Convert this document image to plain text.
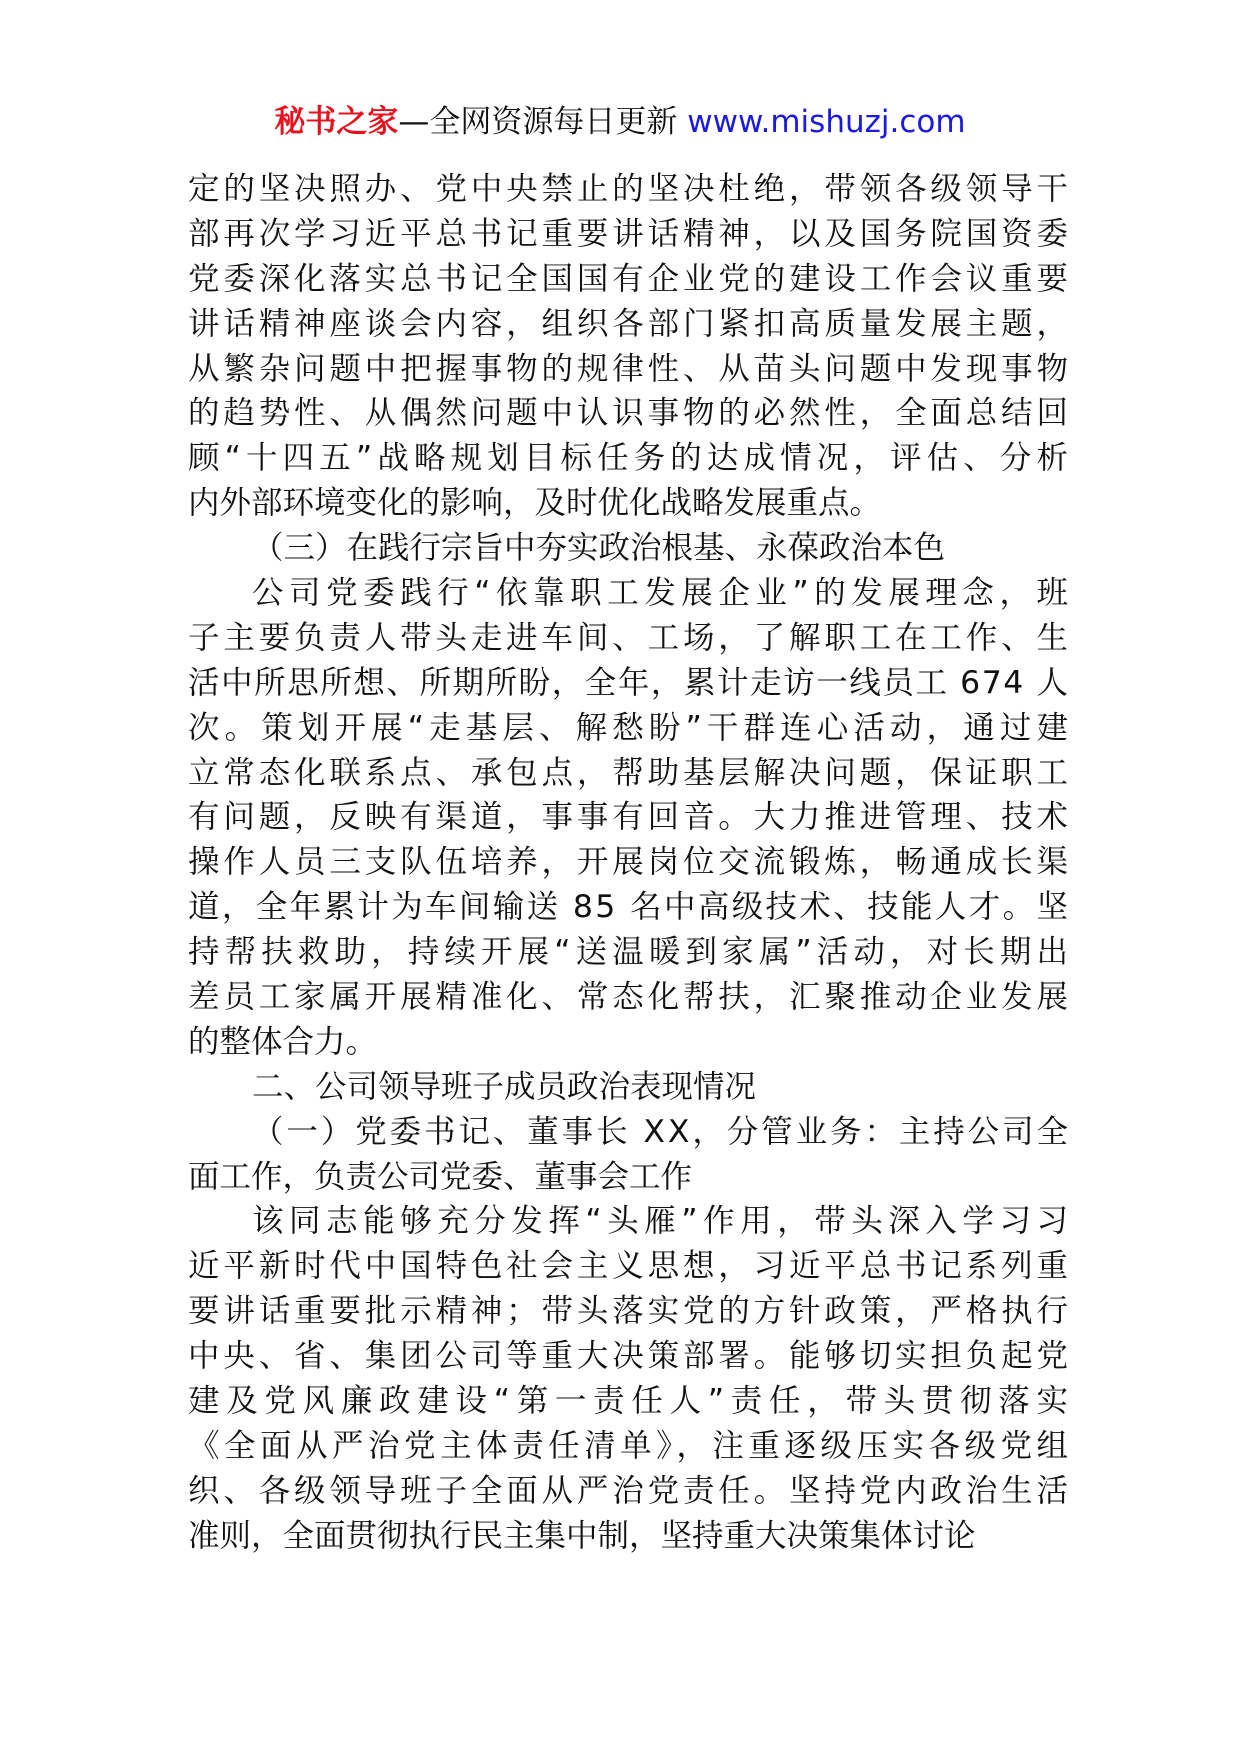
秘书之家—全网资源每日更新 www.mishuzj.com
定的坚决照办、党中央禁止的坚决杜绝，带领各级领导干
部再次学习近平总书记重要讲话精神，以及国务院国资委
党委深化落实总书记全国国有企业党的建设工作会议重要
讲话精神座谈会内容，组织各部门紧扣高质量发展主题，
从繁杂问题中把握事物的规律性、从苗头问题中发现事物
的趋势性、从偶然问题中认识事物的必然性，全面总结回
顾“十四五”战略规划目标任务的达成情况，评估、分析
内外部环境变化的影响，及时优化战略发展重点。
（三）在践行宗旨中夯实政治根基、永葆政治本色
公司党委践行“依靠职工发展企业”的发展理念，班
子主要负责人带头走进车间、工场，了解职工在工作、生
活中所思所想、所期所盼，全年，累计走访一线员工 674 人
次。策划开展“走基层、解愁盼”干群连心活动，通过建
立常态化联系点、承包点，帮助基层解决问题，保证职工
有问题，反映有渠道，事事有回音。大力推进管理、技术
操作人员三支队伍培养，开展岗位交流锻炼，畅通成长渠
道，全年累计为车间输送 85 名中高级技术、技能人才。坚
持帮扶救助，持续开展“送温暖到家属”活动，对长期出
差员工家属开展精准化、常态化帮扶，汇聚推动企业发展
的整体合力。
二、公司领导班子成员政治表现情况
（一）党委书记、董事长 XX，分管业务：主持公司全
面工作，负责公司党委、董事会工作
该同志能够充分发挥“头雁”作用，带头深入学习习
近平新时代中国特色社会主义思想，习近平总书记系列重
要讲话重要批示精神；带头落实党的方针政策，严格执行
中央、省、集团公司等重大决策部署。能够切实担负起党
建及党风廉政建设“第一责任人”责任，带头贯彻落实
《全面从严治党主体责任清单》，注重逐级压实各级党组
织、各级领导班子全面从严治党责任。坚持党内政治生活
准则，全面贯彻执行民主集中制，坚持重大决策集体讨论
